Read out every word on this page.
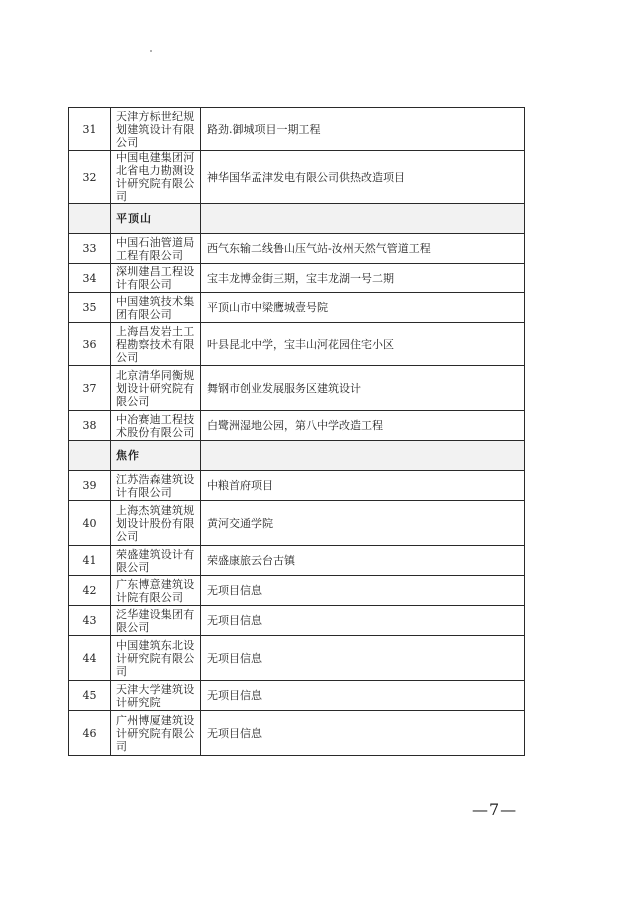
31	天津方标世纪规划建筑设计有限公司	路劲.御城项目一期工程
32	中国电建集团河北省电力勘测设计研究院有限公司	神华国华孟津发电有限公司供热改造项目
	平顶山	
33	中国石油管道局工程有限公司	西气东输二线鲁山压气站-汝州天然气管道工程
34	深圳建昌工程设计有限公司	宝丰龙博金街三期，宝丰龙湖一号二期
35	中国建筑技术集团有限公司	平顶山市中梁鹰城壹号院
36	上海昌发岩土工程勘察技术有限公司	叶县昆北中学，宝丰山河花园住宅小区
37	北京清华同衡规划设计研究院有限公司	舞钢市创业发展服务区建筑设计
38	中冶赛迪工程技术股份有限公司	白鹭洲湿地公园，第八中学改造工程
	焦作	
39	江苏浩森建筑设计有限公司	中粮首府项目
40	上海杰筑建筑规划设计股份有限公司	黄河交通学院
41	荣盛建筑设计有限公司	荣盛康旅云台古镇
42	广东博意建筑设计院有限公司	无项目信息
43	泛华建设集团有限公司	无项目信息
44	中国建筑东北设计研究院有限公司	无项目信息
45	天津大学建筑设计研究院	无项目信息
46	广州博厦建筑设计研究院有限公司	无项目信息
—7—
